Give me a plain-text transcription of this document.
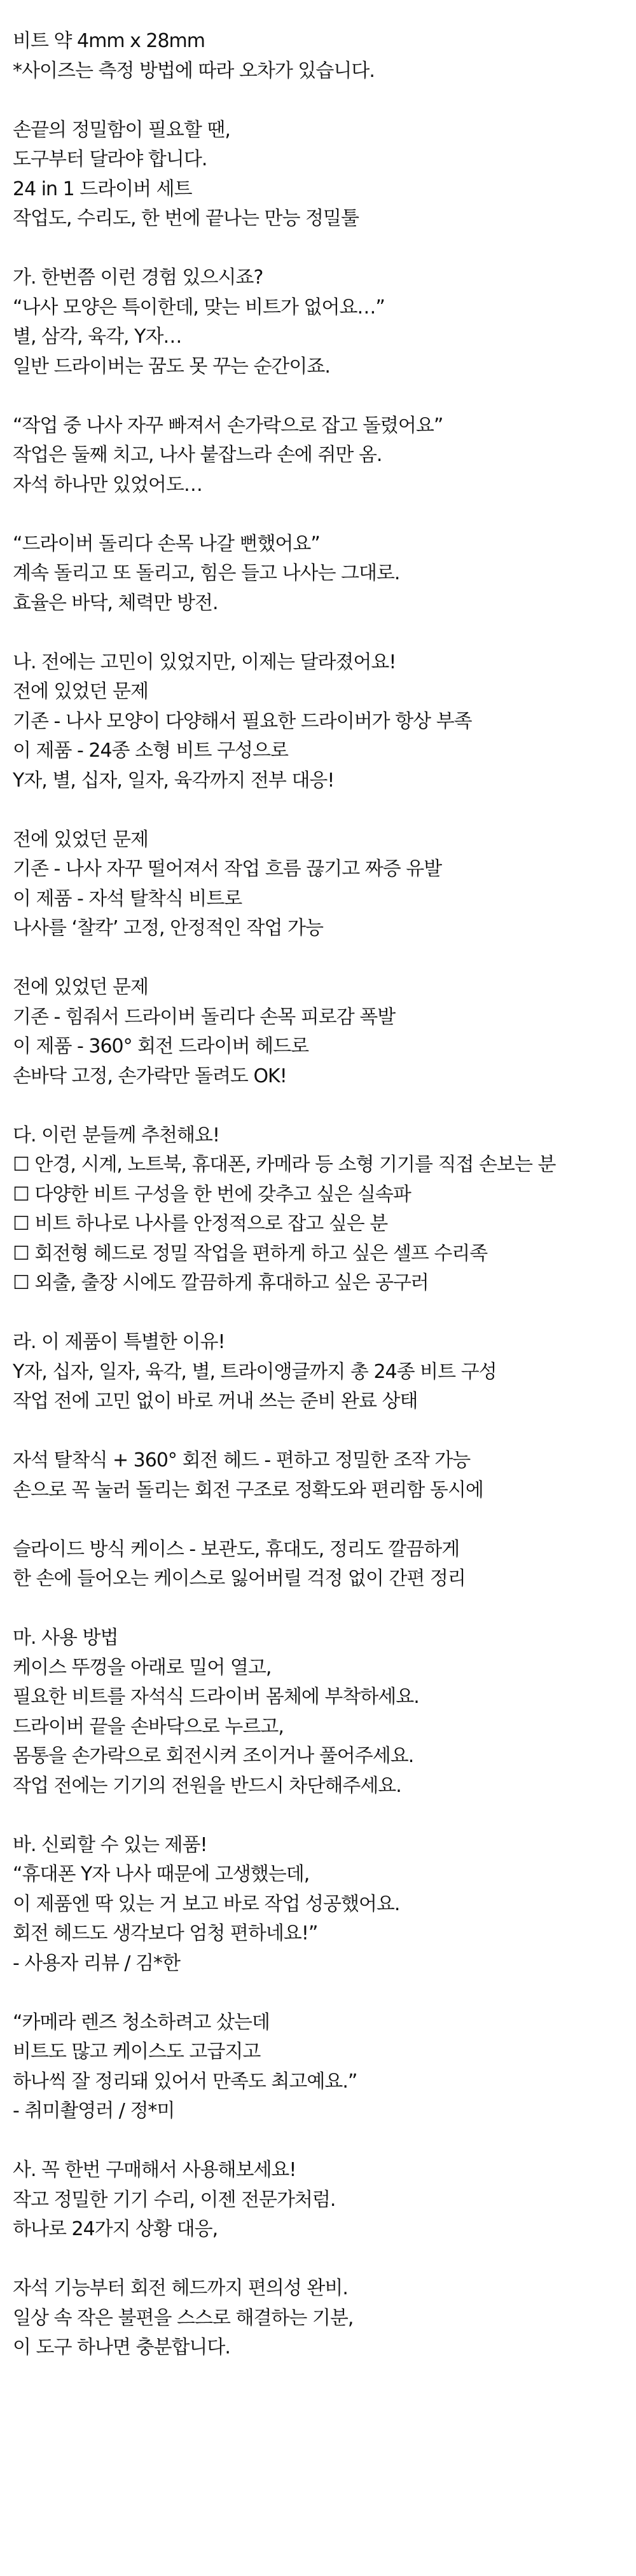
비트 약 4mm x 28mm
*사이즈는 측정 방법에 따라 오차가 있습니다.
손끝의 정밀함이 필요할 땐,
도구부터 달라야 합니다.
24 in 1 드라이버 세트
작업도, 수리도, 한 번에 끝나는 만능 정밀툴
가. 한번쯤 이런 경험 있으시죠?
“나사 모양은 특이한데, 맞는 비트가 없어요…”
별, 삼각, 육각, Y자…
일반 드라이버는 꿈도 못 꾸는 순간이죠.
“작업 중 나사 자꾸 빠져서 손가락으로 잡고 돌렸어요”
작업은 둘째 치고, 나사 붙잡느라 손에 쥐만 옴.
자석 하나만 있었어도…
“드라이버 돌리다 손목 나갈 뻔했어요”
계속 돌리고 또 돌리고, 힘은 들고 나사는 그대로.
효율은 바닥, 체력만 방전.
나. 전에는 고민이 있었지만, 이제는 달라졌어요!
전에 있었던 문제
기존 - 나사 모양이 다양해서 필요한 드라이버가 항상 부족
이 제품 - 24종 소형 비트 구성으로
Y자, 별, 십자, 일자, 육각까지 전부 대응!
전에 있었던 문제
기존 - 나사 자꾸 떨어져서 작업 흐름 끊기고 짜증 유발
이 제품 - 자석 탈착식 비트로
나사를 ‘찰칵’ 고정, 안정적인 작업 가능
전에 있었던 문제
기존 - 힘줘서 드라이버 돌리다 손목 피로감 폭발
이 제품 - 360° 회전 드라이버 헤드로
손바닥 고정, 손가락만 돌려도 OK!
다. 이런 분들께 추천해요!
☐ 안경, 시계, 노트북, 휴대폰, 카메라 등 소형 기기를 직접 손보는 분
☐ 다양한 비트 구성을 한 번에 갖추고 싶은 실속파
☐ 비트 하나로 나사를 안정적으로 잡고 싶은 분
☐ 회전형 헤드로 정밀 작업을 편하게 하고 싶은 셀프 수리족
☐ 외출, 출장 시에도 깔끔하게 휴대하고 싶은 공구러
라. 이 제품이 특별한 이유!
Y자, 십자, 일자, 육각, 별, 트라이앵글까지 총 24종 비트 구성
작업 전에 고민 없이 바로 꺼내 쓰는 준비 완료 상태
자석 탈착식 + 360° 회전 헤드 - 편하고 정밀한 조작 가능
손으로 꼭 눌러 돌리는 회전 구조로 정확도와 편리함 동시에
슬라이드 방식 케이스 - 보관도, 휴대도, 정리도 깔끔하게
한 손에 들어오는 케이스로 잃어버릴 걱정 없이 간편 정리
마. 사용 방법
케이스 뚜껑을 아래로 밀어 열고,
필요한 비트를 자석식 드라이버 몸체에 부착하세요.
드라이버 끝을 손바닥으로 누르고,
몸통을 손가락으로 회전시켜 조이거나 풀어주세요.
작업 전에는 기기의 전원을 반드시 차단해주세요.
바. 신뢰할 수 있는 제품!
“휴대폰 Y자 나사 때문에 고생했는데,
이 제품엔 딱 있는 거 보고 바로 작업 성공했어요.
회전 헤드도 생각보다 엄청 편하네요!”
- 사용자 리뷰 / 김*한
“카메라 렌즈 청소하려고 샀는데
비트도 많고 케이스도 고급지고
하나씩 잘 정리돼 있어서 만족도 최고예요.”
- 취미촬영러 / 정*미
사. 꼭 한번 구매해서 사용해보세요!
작고 정밀한 기기 수리, 이젠 전문가처럼.
하나로 24가지 상황 대응,
자석 기능부터 회전 헤드까지 편의성 완비.
일상 속 작은 불편을 스스로 해결하는 기분,
이 도구 하나면 충분합니다.
